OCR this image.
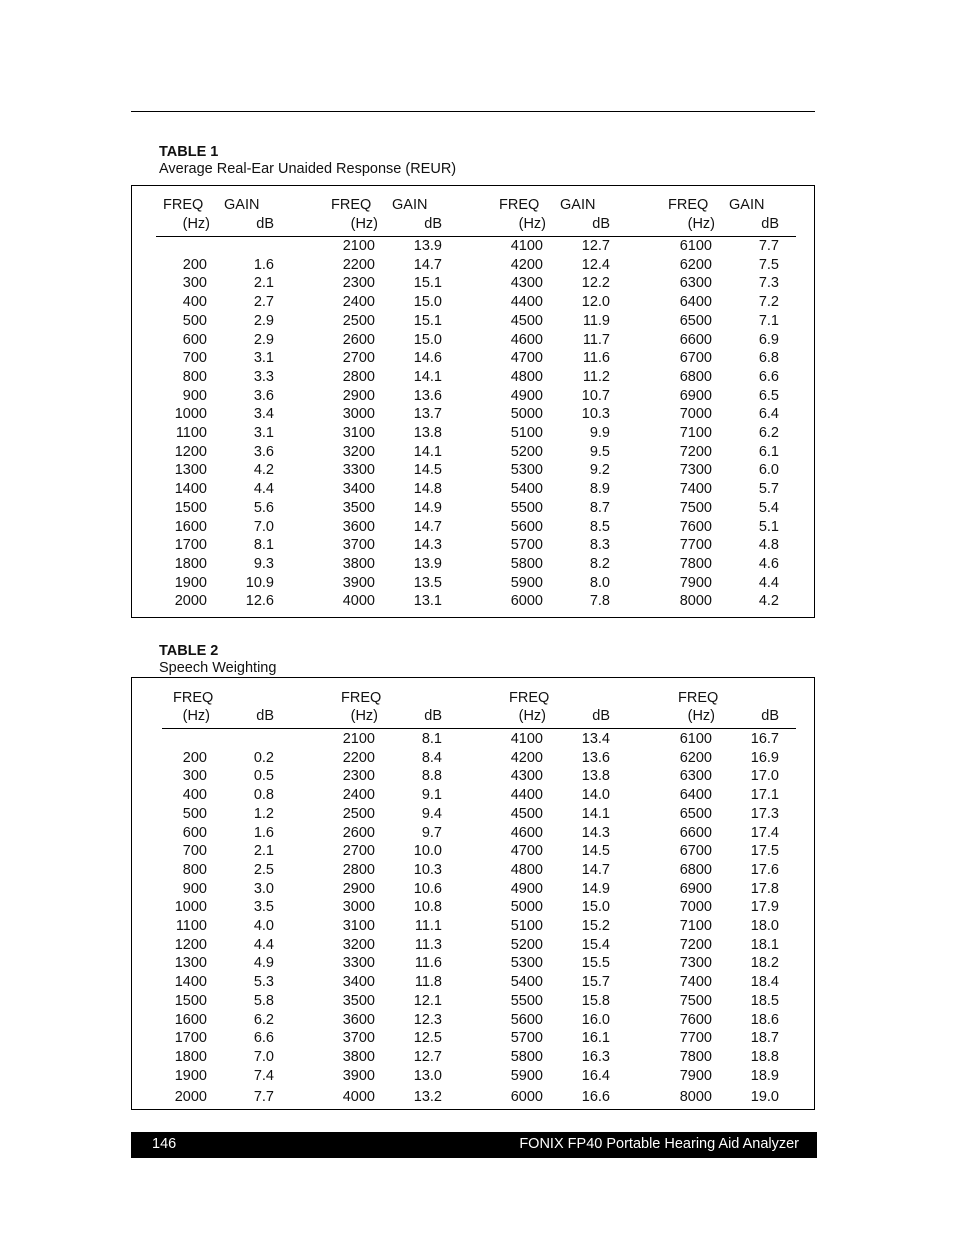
TABLE 1
Average Real-Ear Unaided Response (REUR)
FREQ	GAIN
(Hz)	dB
200	1.6
300	2.1
400	2.7
500	2.9
600	2.9
700	3.1
800	3.3
900	3.6
1000	3.4
1100	3.1
1200	3.6
1300	4.2
1400	4.4
1500	5.6
1600	7.0
1700	8.1
1800	9.3
1900	10.9
2000	12.6
FREQ	GAIN
(Hz)	dB
2100	13.9
2200	14.7
2300	15.1
2400	15.0
2500	15.1
2600	15.0
2700	14.6
2800	14.1
2900	13.6
3000	13.7
3100	13.8
3200	14.1
3300	14.5
3400	14.8
3500	14.9
3600	14.7
3700	14.3
3800	13.9
3900	13.5
4000	13.1
FREQ	GAIN
(Hz)	dB
4100	12.7
4200	12.4
4300	12.2
4400	12.0
4500	11.9
4600	11.7
4700	11.6
4800	11.2
4900	10.7
5000	10.3
5100	9.9
5200	9.5
5300	9.2
5400	8.9
5500	8.7
5600	8.5
5700	8.3
5800	8.2
5900	8.0
6000	7.8
FREQ	GAIN
(Hz)	dB
6100	7.7
6200	7.5
6300	7.3
6400	7.2
6500	7.1
6600	6.9
6700	6.8
6800	6.6
6900	6.5
7000	6.4
7100	6.2
7200	6.1
7300	6.0
7400	5.7
7500	5.4
7600	5.1
7700	4.8
7800	4.6
7900	4.4
8000	4.2
TABLE 2
Speech Weighting
FREQ
(Hz)	dB
200	0.2
300	0.5
400	0.8
500	1.2
600	1.6
700	2.1
800	2.5
900	3.0
1000	3.5
1100	4.0
1200	4.4
1300	4.9
1400	5.3
1500	5.8
1600	6.2
1700	6.6
1800	7.0
1900	7.4
2000	7.7
FREQ
(Hz)	dB
2100	8.1
2200	8.4
2300	8.8
2400	9.1
2500	9.4
2600	9.7
2700	10.0
2800	10.3
2900	10.6
3000	10.8
3100	11.1
3200	11.3
3300	11.6
3400	11.8
3500	12.1
3600	12.3
3700	12.5
3800	12.7
3900	13.0
4000	13.2
FREQ
(Hz)	dB
4100	13.4
4200	13.6
4300	13.8
4400	14.0
4500	14.1
4600	14.3
4700	14.5
4800	14.7
4900	14.9
5000	15.0
5100	15.2
5200	15.4
5300	15.5
5400	15.7
5500	15.8
5600	16.0
5700	16.1
5800	16.3
5900	16.4
6000	16.6
FREQ
(Hz)	dB
6100	16.7
6200	16.9
6300	17.0
6400	17.1
6500	17.3
6600	17.4
6700	17.5
6800	17.6
6900	17.8
7000	17.9
7100	18.0
7200	18.1
7300	18.2
7400	18.4
7500	18.5
7600	18.6
7700	18.7
7800	18.8
7900	18.9
8000	19.0
146	FONIX FP40 Portable Hearing Aid Analyzer
